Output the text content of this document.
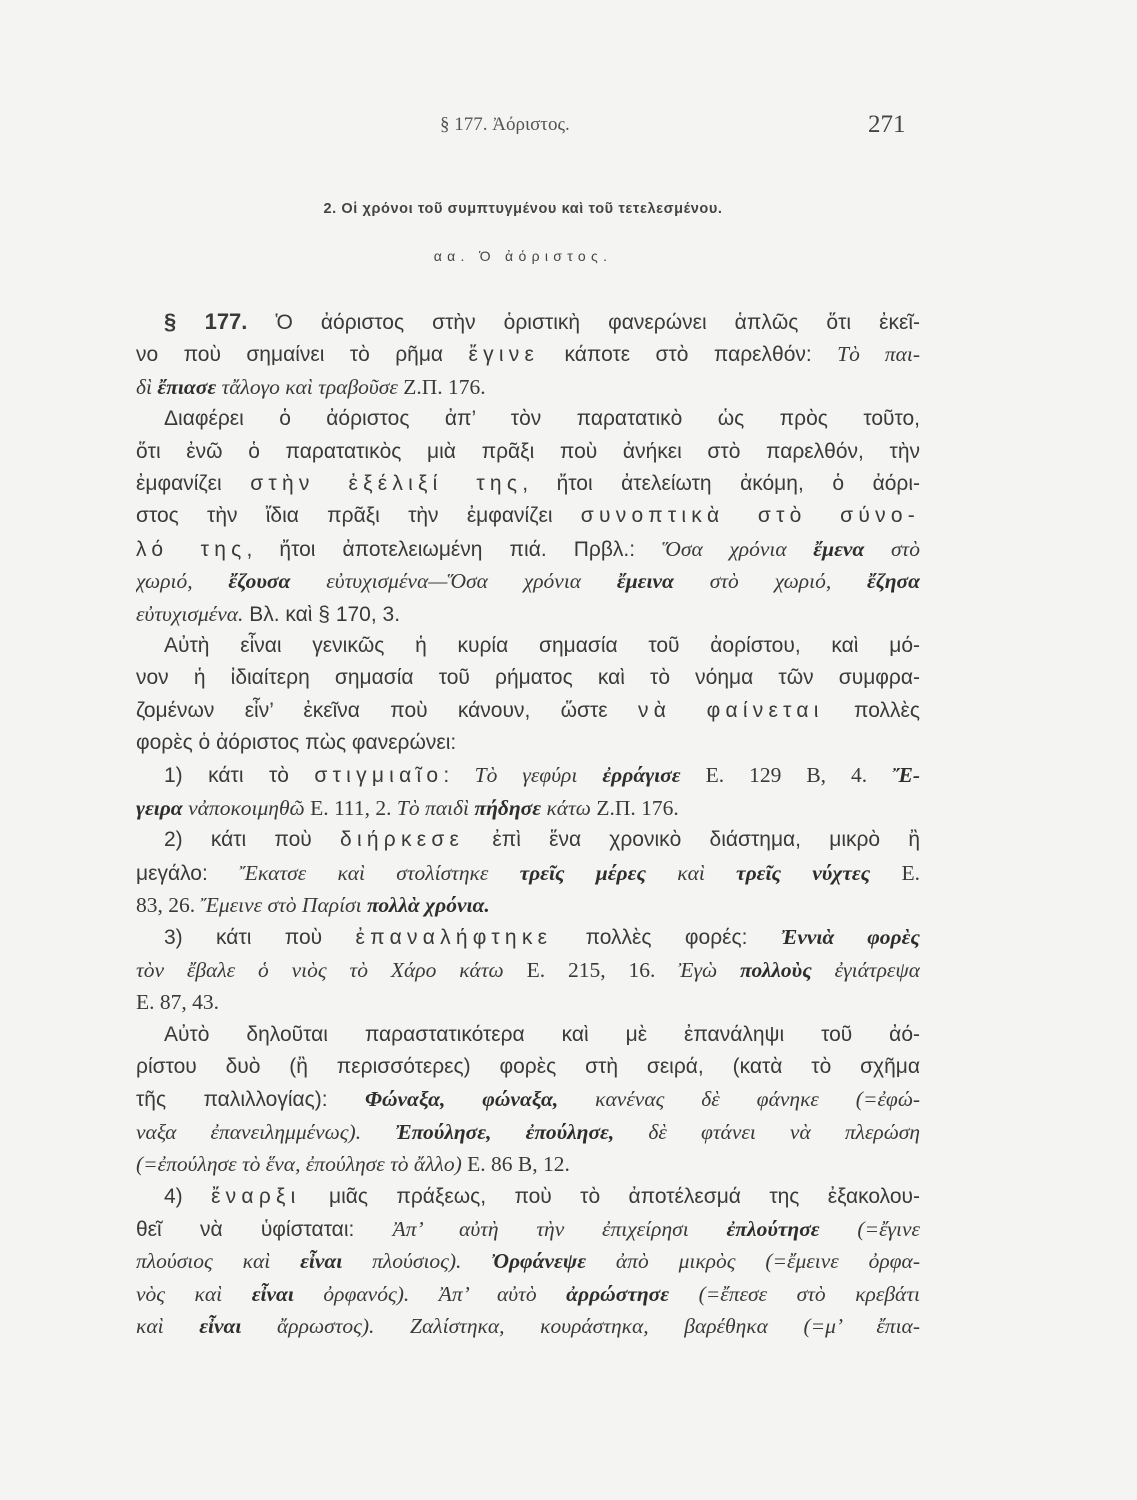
§ 177. Ἀόριστος.	271
2. Οἱ χρόνοι τοῦ συμπτυγμένου καὶ τοῦ τετελεσμένου.
αα. Ὁ ἀόριστος.
§ 177. Ὁ ἀόριστος στὴν ὁριστικὴ φανερώνει ἁπλῶς ὅτι ἐκεῖ-
νο ποὺ σημαίνει τὸ ρῆμα ἔγινε κάποτε στὸ παρελθόν: Τὸ παι-
δὶ ἔπιασε τἄλογο καὶ τραβοῦσε Ζ.Π. 176.
Διαφέρει ὁ ἀόριστος ἀπ’ τὸν παρατατικὸ ὡς πρὸς τοῦτο,
ὅτι ἐνῶ ὁ παρατατικὸς μιὰ πρᾶξι ποὺ ἀνήκει στὸ παρελθόν, τὴν
ἐμφανίζει στὴν ἐξέλιξί της, ἤτοι ἀτελείωτη ἀκόμη, ὁ ἀόρι-
στος τὴν ἴδια πρᾶξι τὴν ἐμφανίζει συνοπτικὰ στὸ σύνο-
λό της, ἤτοι ἀποτελειωμένη πιά. Πρβλ.: Ὅσα χρόνια ἔμενα στὸ
χωριό, ἔζουσα εὐτυχισμένα—Ὅσα χρόνια ἔμεινα στὸ χωριό, ἔζησα
εὐτυχισμένα. Βλ. καὶ § 170, 3.
Αὐτὴ εἶναι γενικῶς ἡ κυρία σημασία τοῦ ἀορίστου, καὶ μό-
νον ἡ ἰδιαίτερη σημασία τοῦ ρήματος καὶ τὸ νόημα τῶν συμφρα-
ζομένων εἶν’ ἐκεῖνα ποὺ κάνουν, ὥστε νὰ φαίνεται πολλὲς
φορὲς ὁ ἀόριστος πὼς φανερώνει:
1) κάτι τὸ στιγμιαῖο: Τὸ γεφύρι ἐρράγισε Ε. 129 Β, 4. Ἔ-
γειρα νἀποκοιμηθῶ Ε. 111, 2. Τὸ παιδὶ πήδησε κάτω Ζ.Π. 176.
2) κάτι ποὺ διήρκεσε ἐπὶ ἕνα χρονικὸ διάστημα, μικρὸ ἢ
μεγάλο: Ἔκατσε καὶ στολίστηκε τρεῖς μέρες καὶ τρεῖς νύχτες Ε.
83, 26. Ἔμεινε στὸ Παρίσι πολλὰ χρόνια.
3) κάτι ποὺ ἐπαναλήφτηκε πολλὲς φορές: Ἐννιὰ φορὲς
τὸν ἔβαλε ὁ νιὸς τὸ Χάρο κάτω Ε. 215, 16. Ἐγὼ πολλοὺς ἐγιάτρεψα
Ε. 87, 43.
Αὐτὸ δηλοῦται παραστατικότερα καὶ μὲ ἐπανάληψι τοῦ ἀό-
ρίστου δυὸ (ἢ περισσότερες) φορὲς στὴ σειρά, (κατὰ τὸ σχῆμα
τῆς παλιλλογίας): Φώναξα, φώναξα, κανένας δὲ φάνηκε (=ἐφώ-
ναξα ἐπανειλημμένως). Ἐπούλησε, ἐπούλησε, δὲ φτάνει νὰ πλερώση
(=ἐπούλησε τὸ ἕνα, ἐπούλησε τὸ ἄλλο) Ε. 86 Β, 12.
4) ἔναρξι μιᾶς πράξεως, ποὺ τὸ ἀποτέλεσμά της ἐξακολου-
θεῖ νὰ ὑφίσταται: Ἀπ’ αὐτὴ τὴν ἐπιχείρησι ἐπλούτησε (=ἔγινε
πλούσιος καὶ εἶναι πλούσιος). Ὀρφάνεψε ἀπὸ μικρὸς (=ἔμεινε ὀρφα-
νὸς καὶ εἶναι ὀρφανός). Ἀπ’ αὐτὸ ἀρρώστησε (=ἔπεσε στὸ κρεβάτι
καὶ εἶναι ἄρρωστος). Ζαλίστηκα, κουράστηκα, βαρέθηκα (=μ’ ἔπια-
